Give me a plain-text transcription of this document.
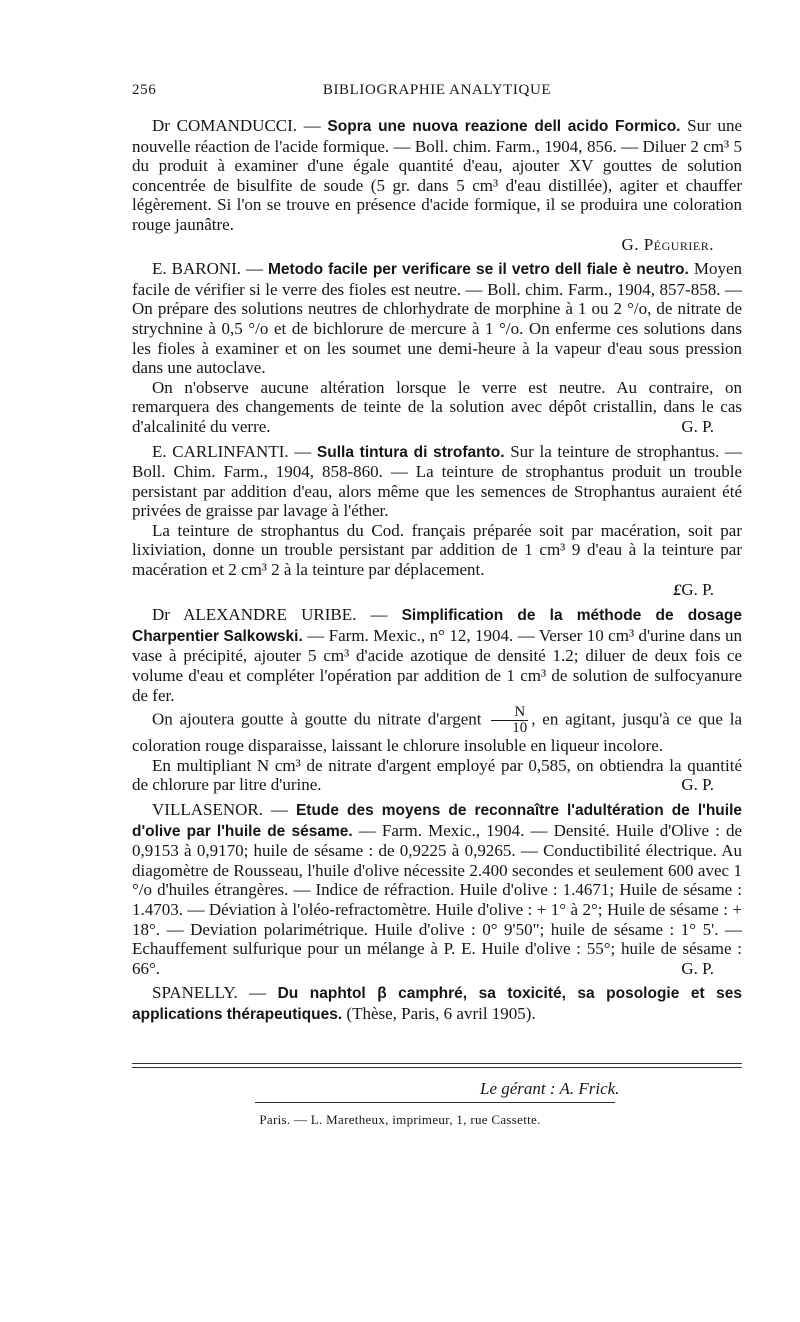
256	BIBLIOGRAPHIE ANALYTIQUE

Dr COMANDUCCI. — Sopra une nuova reazione dell acido Formico. Sur une nouvelle réaction de l'acide formique. — Boll. chim. Farm., 1904, 856. — Diluer 2 cm³ 5 du produit à examiner d'une égale quantité d'eau, ajouter XV gouttes de solution concentrée de bisulfite de soude (5 gr. dans 5 cm³ d'eau distillée), agiter et chauffer légèrement. Si l'on se trouve en présence d'acide formique, il se produira une coloration rouge jaunâtre.

G. Pégurier.

E. BARONI. — Metodo facile per verificare se il vetro dell fiale è neutro. Moyen facile de vérifier si le verre des fioles est neutre. — Boll. chim. Farm., 1904, 857-858. — On prépare des solutions neutres de chlorhydrate de morphine à 1 ou 2 °/o, de nitrate de strychnine à 0,5 °/o et de bichlorure de mercure à 1 °/o. On enferme ces solutions dans les fioles à examiner et on les soumet une demi-heure à la vapeur d'eau sous pression dans une autoclave.

On n'observe aucune altération lorsque le verre est neutre. Au contraire, on remarquera des changements de teinte de la solution avec dépôt cristallin, dans le cas d'alcalinité du verre.	G. P.

E. CARLINFANTI. — Sulla tintura di strofanto. Sur la teinture de strophantus. — Boll. Chim. Farm., 1904, 858-860. — La teinture de strophantus produit un trouble persistant par addition d'eau, alors même que les semences de Strophantus auraient été privées de graisse par lavage à l'éther.

La teinture de strophantus du Cod. français préparée soit par macération, soit par lixiviation, donne un trouble persistant par addition de 1 cm³ 9 d'eau à la teinture par macération et 2 cm³ 2 à la teinture par déplacement.

£ G. P.

Dr ALEXANDRE URIBE. — Simplification de la méthode de dosage Charpentier Salkowski. — Farm. Mexic., n° 12, 1904. — Verser 10 cm³ d'urine dans un vase à précipité, ajouter 5 cm³ d'acide azotique de densité 1.2; diluer de deux fois ce volume d'eau et compléter l'opération par addition de 1 cm³ de solution de sulfocyanure de fer.

On ajoutera goutte à goutte du nitrate d'argent $\frac{N}{10}$ , en agitant, jusqu'à ce que la coloration rouge disparaisse, laissant le chlorure insoluble en liqueur incolore.

En multipliant N cm³ de nitrate d'argent employé par 0,585, on obtiendra la quantité de chlorure par litre d'urine.	G. P.

VILLASENOR. — Etude des moyens de reconnaître l'adultération de l'huile d'olive par l'huile de sésame. — Farm. Mexic., 1904. — Densité. Huile d'Olive : de 0,9153 à 0,9170; huile de sésame : de 0,9225 à 0,9265. — Conductibilité électrique. Au diagomètre de Rousseau, l'huile d'olive nécessite 2.400 secondes et seulement 600 avec 1 °/o d'huiles étrangères. — Indice de réfraction. Huile d'olive : 1.4671; Huile de sésame : 1.4703. — Déviation à l'oléo-refractomètre. Huile d'olive : + 1° à 2°; Huile de sésame : + 18°. — Deviation polarimétrique. Huile d'olive : 0° 9'50"; huile de sésame : 1° 5'. — Echauffement sulfurique pour un mélange à P. E. Huile d'olive : 55°; huile de sésame : 66°.	G. P.

SPANELLY. — Du naphtol β camphré, sa toxicité, sa posologie et ses applications thérapeutiques. (Thèse, Paris, 6 avril 1905).

Le gérant : A. Frick.
Paris. — L. Maretheux, imprimeur, 1, rue Cassette.
